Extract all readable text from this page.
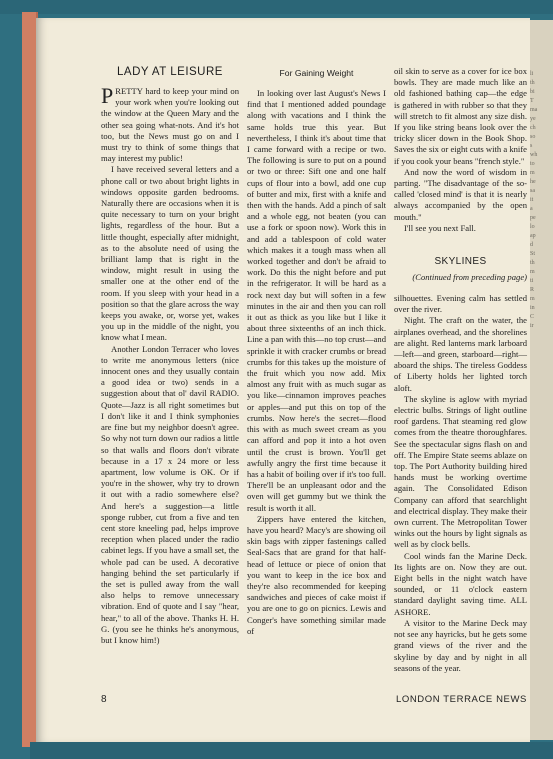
LADY AT LEISURE	For Gaining Weight

PRETTY hard to keep your mind on your work when you're looking out the window at the Queen Mary and the other sea going what-nots. And it's hot too, but the News must go on and I must try to think of some things that may interest my public!

I have received several letters and a phone call or two about bright lights in windows opposite garden bedrooms. Naturally there are occasions when it is quite necessary to turn on your bright lights, regardless of the hour. But a little thought, especially after midnight, as to the absolute need of using the brilliant lamp that is right in the window, might result in using the smaller one at the other end of the room. If you sleep with your head in a position so that the glare across the way keeps you awake, or, worse yet, wakes you up in the middle of the night, you know what I mean.

Another London Terracer who loves to write me anonymous letters (nice innocent ones and they usually contain a good idea or two) sends in a suggestion about that ol' davil RADIO. Quote—Jazz is all right sometimes but I don't like it and I think symphonies are fine but my neighbor doesn't agree. So why not turn down our radios a little so that walls and floors don't vibrate because in a 17 x 24 more or less apartment, low volume is OK. Or if you're in the shower, why try to drown it out with a radio somewhere else? And here's a suggestion—a little sponge rubber, cut from a five and ten cent store kneeling pad, helps improve reception when placed under the radio cabinet legs. If you have a small set, the whole pad can be used. A decorative hanging behind the set particularly if the set is pulled away from the wall also helps to remove unnecessary vibration. End of quote and I say "hear, hear," to all of the above. Thanks H. H. G. (you see he thinks he's anonymous, but I know him!)

In looking over last August's News I find that I mentioned added poundage along with vacations and I think the same holds true this year. But nevertheless, I think it's about time that I came forward with a recipe or two. The following is sure to put on a pound or two or three: Sift one and one half cups of flour into a bowl, add one cup of butter and mix, first with a knife and then with the hands. Add a pinch of salt and a whole egg, not beaten (you can use a fork or spoon now). Work this in and add a tablespoon of cold water which makes it a tough mass when all worked together and don't be afraid to work. Do this the night before and put in the refrigerator. It will be hard as a rock next day but will soften in a few minutes in the air and then you can roll it out as thick as you like but I like it about three sixteenths of an inch thick. Line a pan with this—no top crust—and sprinkle it with cracker crumbs or bread crumbs for this takes up the moisture of the fruit which you now add. Mix almost any fruit with as much sugar as you like—cinnamon improves peaches or apples—and put this on top of the crumbs. Now here's the secret—flood this with as much sweet cream as you can afford and pop it into a hot oven until the crust is brown. You'll get awfully angry the first time because it has a habit of boiling over if it's too full. There'll be an unpleasant odor and the oven will get gummy but we think the result is worth it all.

Zippers have entered the kitchen, have you heard? Macy's are showing oil skin bags with zipper fastenings called Seal-Sacs that are grand for that half-head of lettuce or piece of onion that you want to keep in the ice box and they're also recommended for keeping sandwiches and pieces of cake moist if you are one to go on picnics. Lewis and Conger's have something similar made of

oil skin to serve as a cover for ice box bowls. They are made much like an old fashioned bathing cap—the edge is gathered in with rubber so that they will stretch to fit almost any size dish. If you like string beans look over the tricky slicer down in the Book Shop. Saves the six or eight cuts with a knife if you cook your beans "french style."

And now the word of wisdom in parting. "The disadvantage of the so-called 'closed mind' is that it is nearly always accompanied by the open mouth."

I'll see you next Fall.

SKYLINES
(Continued from preceding page)

silhouettes. Evening calm has settled over the river.

Night. The craft on the water, the airplanes overhead, and the shorelines are alight. Red lanterns mark larboard—left—and green, starboard—right—aboard the ships. The tireless Goddess of Liberty holds her lighted torch aloft.

The skyline is aglow with myriad electric bulbs. Strings of light outline roof gardens. That steaming red glow comes from the theatre thoroughfares. See the spectacular signs flash on and off. The Empire State seems ablaze on top. The Port Authority building hired hands must be working overtime again. The Consolidated Edison Company can afford that searchlight and electrical display. They make their own current. The Metropolitan Tower winks out the hours by light signals as well as by clock bells.

Cool winds fan the Marine Deck. Its lights are on. Now they are out. Eight bells in the night watch have sounded, or 11 o'clock eastern standard daylight saving time. ALL ASHORE.

A visitor to the Marine Deck may not see any hayricks, but he gets some grand views of the river and the skyline by day and by night in all seasons of the year.

8	LONDON TERRACE NEWS
li
th
bi
T
ma
ye
ch
so
s
wh
to
m
he
sa
it
a
pe
lo
ap
d
St
th
m
ti
R
m
in
C
ir
